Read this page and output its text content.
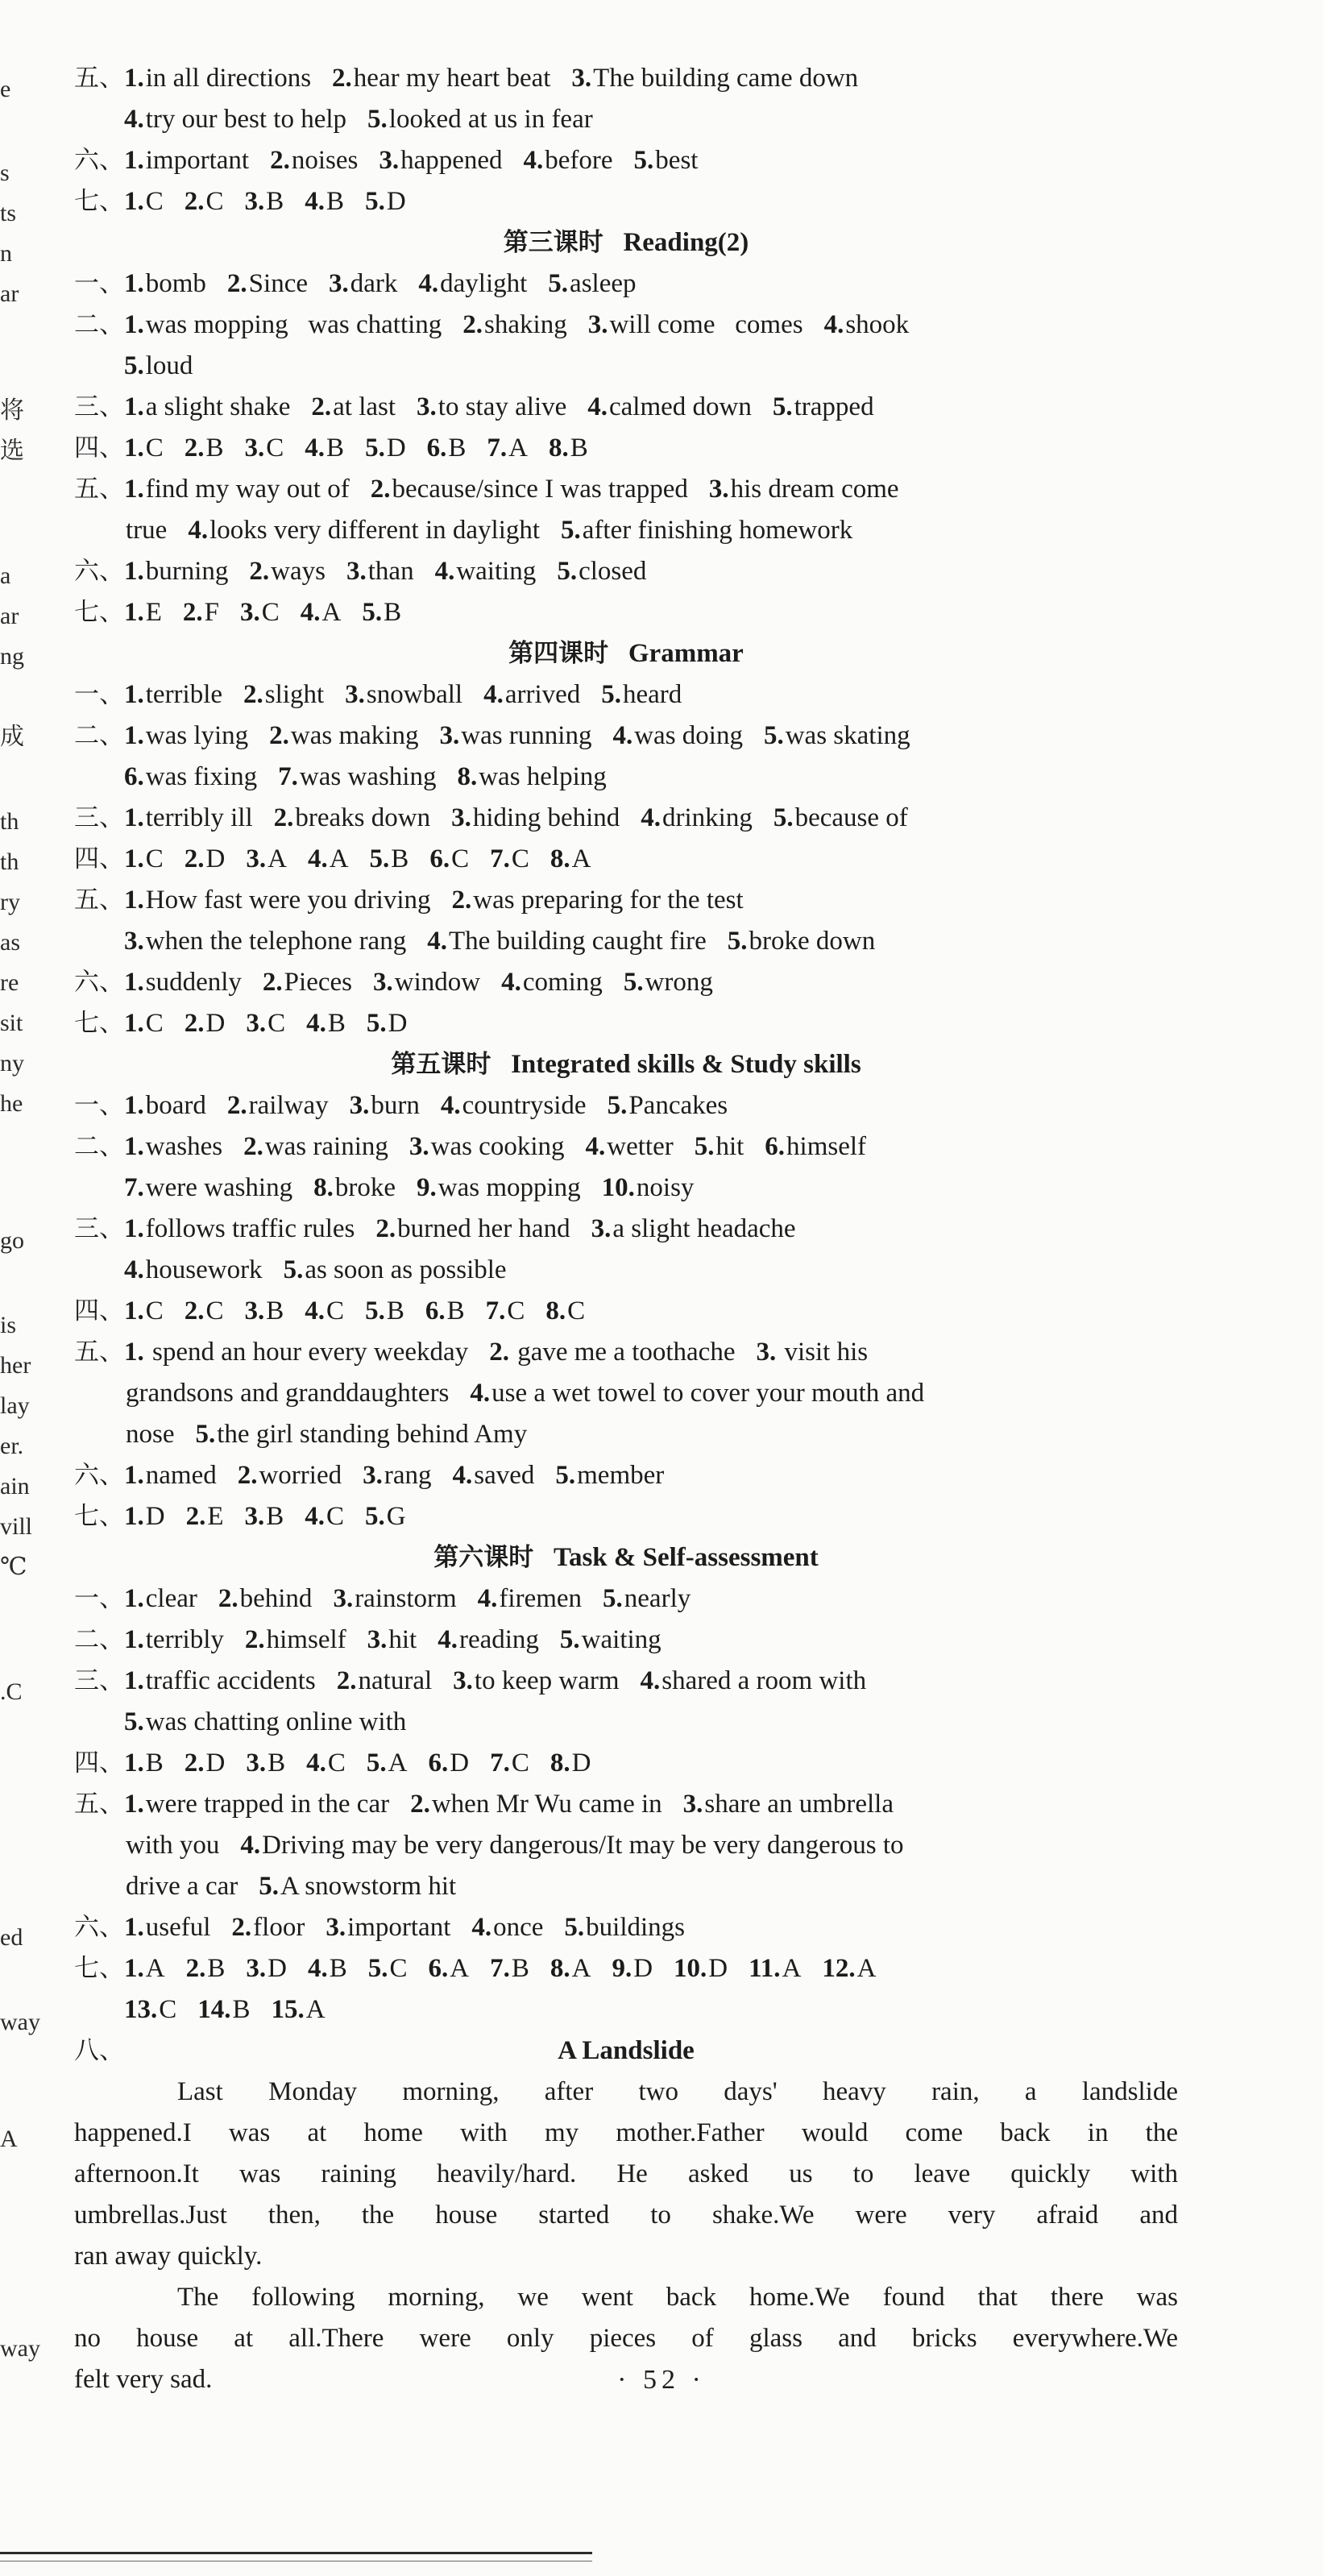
e
s
ts
n
ar
将
选
a
ar
ng
成
th
th
ry
as
re
sit
ny
he
go
is
her
lay
er.
ain
vill
℃
.C
ed
way
A
way
五、1.in all directions 2.hear my heart beat 3.The building came down
4.try our best to help 5.looked at us in fear
六、1.important 2.noises 3.happened 4.before 5.best
七、1.C 2.C 3.B 4.B 5.D
第三课时 Reading(2)
一、1.bomb 2.Since 3.dark 4.daylight 5.asleep
二、1.was mopping   was chatting 2.shaking 3.will come   comes 4.shook
5.loud
三、1.a slight shake 2.at last 3.to stay alive 4.calmed down 5.trapped
四、1.C 2.B 3.C 4.B 5.D 6.B 7.A 8.B
五、1.find my way out of 2.because/since I was trapped 3.his dream come
true 4.looks very different in daylight 5.after finishing homework
六、1.burning 2.ways 3.than 4.waiting 5.closed
七、1.E 2.F 3.C 4.A 5.B
第四课时 Grammar
一、1.terrible 2.slight 3.snowball 4.arrived 5.heard
二、1.was lying 2.was making 3.was running 4.was doing 5.was skating
6.was fixing 7.was washing 8.was helping
三、1.terribly ill 2.breaks down 3.hiding behind 4.drinking 5.because of
四、1.C 2.D 3.A 4.A 5.B 6.C 7.C 8.A
五、1.How fast were you driving 2.was preparing for the test
3.when the telephone rang 4.The building caught fire 5.broke down
六、1.suddenly 2.Pieces 3.window 4.coming 5.wrong
七、1.C 2.D 3.C 4.B 5.D
第五课时 Integrated skills & Study skills
一、1.board 2.railway 3.burn 4.countryside 5.Pancakes
二、1.washes 2.was raining 3.was cooking 4.wetter 5.hit 6.himself
7.were washing 8.broke 9.was mopping 10.noisy
三、1.follows traffic rules 2.burned her hand 3.a slight headache
4.housework 5.as soon as possible
四、1.C 2.C 3.B 4.C 5.B 6.B 7.C 8.C
五、1. spend an hour every weekday 2. gave me a toothache 3. visit his
grandsons and granddaughters 4.use a wet towel to cover your mouth and
nose 5.the girl standing behind Amy
六、1.named 2.worried 3.rang 4.saved 5.member
七、1.D 2.E 3.B 4.C 5.G
第六课时 Task & Self-assessment
一、1.clear 2.behind 3.rainstorm 4.firemen 5.nearly
二、1.terribly 2.himself 3.hit 4.reading 5.waiting
三、1.traffic accidents 2.natural 3.to keep warm 4.shared a room with
5.was chatting online with
四、1.B 2.D 3.B 4.C 5.A 6.D 7.C 8.D
五、1.were trapped in the car 2.when Mr Wu came in 3.share an umbrella
with you 4.Driving may be very dangerous/It may be very dangerous to
drive a car 5.A snowstorm hit
六、1.useful 2.floor 3.important 4.once 5.buildings
七、1.A 2.B 3.D 4.B 5.C 6.A 7.B 8.A 9.D 10.D 11.A 12.A
13.C 14.B 15.A
八、	A Landslide
Last Monday morning, after two days' heavy rain, a landslide
happened.I was at home with my mother.Father would come back in the
afternoon.It was raining heavily/hard. He asked us to leave quickly with
umbrellas.Just then, the house started to shake.We were very afraid and
ran away quickly.
The following morning, we went back home.We found that there was
no house at all.There were only pieces of glass and bricks everywhere.We
felt very sad.	· 52 ·
